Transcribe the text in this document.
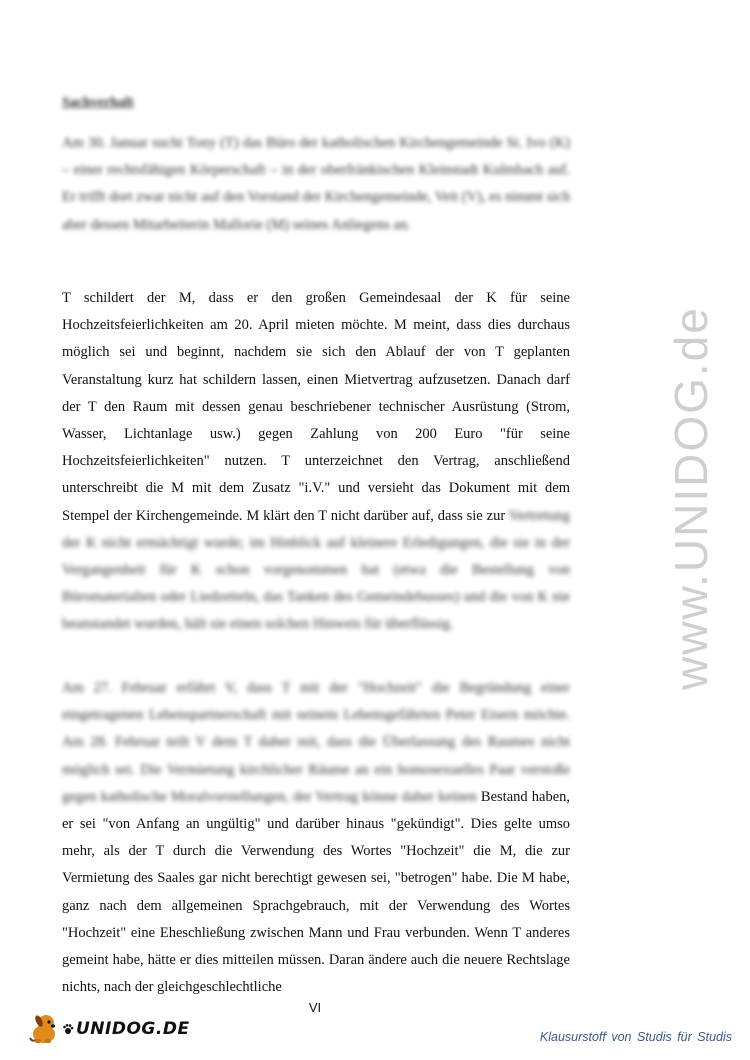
Sachverhalt
Am 30. Januar sucht Tony (T) das Büro der katholischen Kirchengemeinde St. Ivo (K) – einer rechtsfähigen Körperschaft – in der oberfränkischen Kleinstadt Kulmbach auf. Er trifft dort zwar nicht auf den Vorstand der Kirchengemeinde, Veit (V), es nimmt sich aber dessen Mitarbeiterin Mallorie (M) seines Anliegens an.
T schildert der M, dass er den großen Gemeindesaal der K für seine Hochzeitsfeierlichkeiten am 20. April mieten möchte. M meint, dass dies durchaus möglich sei und beginnt, nachdem sie sich den Ablauf der von T geplanten Veranstaltung kurz hat schildern lassen, einen Mietvertrag aufzusetzen. Danach darf der T den Raum mit dessen genau beschriebener technischer Ausrüstung (Strom, Wasser, Lichtanlage usw.) gegen Zahlung von 200 Euro "für seine Hochzeitsfeierlichkeiten" nutzen. T unterzeichnet den Vertrag, anschließend unterschreibt die M mit dem Zusatz "i.V." und versieht das Dokument mit dem Stempel der Kirchengemeinde. M klärt den T nicht darüber auf, dass sie zur Vertretung der K nicht ermächtigt wurde; im Hinblick auf kleinere Erledigungen, die sie in der Vergangenheit für K schon vorgenommen hat (etwa die Bestellung von Büromaterialien oder Liedzetteln, das Tanken des Gemeindebusses) und die von K nie beanstandet wurden, hält sie einen solchen Hinweis für überflüssig.
Am 27. Februar erfährt V, dass T mit der "Hochzeit" die Begründung einer eingetragenen Lebenspartnerschaft mit seinem Lebensgefährten Peter Eisern möchte. Am 28. Februar teilt V dem T daher mit, dass die Überlassung des Raumes nicht möglich sei. Die Vermietung kirchlicher Räume an ein homosexuelles Paar verstoße gegen katholische Moralvorstellungen, der Vertrag könne daher keinen Bestand haben, er sei "von Anfang an ungültig" und darüber hinaus "gekündigt". Dies gelte umso mehr, als der T durch die Verwendung des Wortes "Hochzeit" die M, die zur Vermietung des Saales gar nicht berechtigt gewesen sei, "betrogen" habe. Die M habe, ganz nach dem allgemeinen Sprachgebrauch, mit der Verwendung des Wortes "Hochzeit" eine Eheschließung zwischen Mann und Frau verbunden. Wenn T anderes gemeint habe, hätte er dies mitteilen müssen. Daran ändere auch die neuere Rechtslage nichts, nach der gleichgeschlechtliche
www.UNIDOG.de
VI
UNIDOG.DE	Klausurstoff von Studis für Studis
